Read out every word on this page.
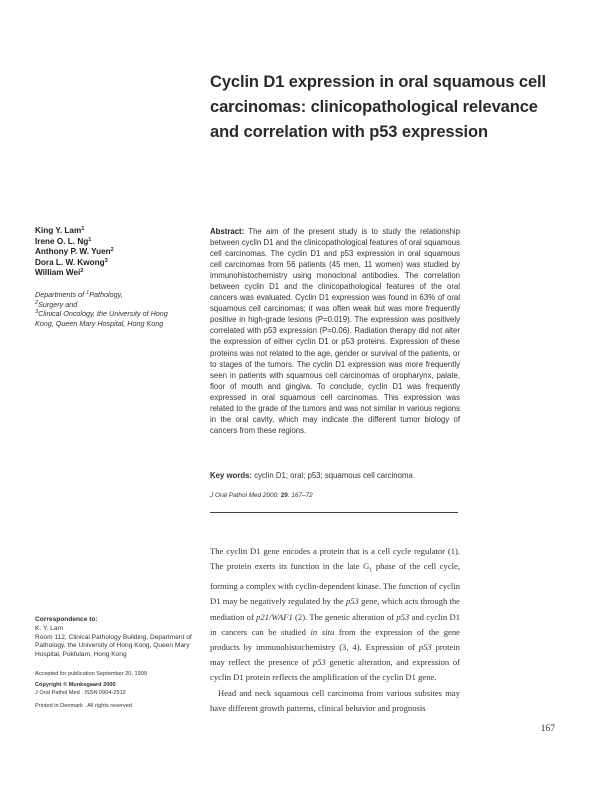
Cyclin D1 expression in oral squamous cell carcinomas: clinicopathological relevance and correlation with p53 expression
King Y. Lam$^1$
Irene O. L. Ng$^1$
Anthony P. W. Yuen$^2$
Dora L. W. Kwong$^3$
William Wei$^2$
Departments of $^1$Pathology,
$^2$Surgery and
$^3$Clinical Oncology, the University of Hong Kong, Queen Mary Hospital, Hong Kong

Abstract: The aim of the present study is to study the relationship between cyclin D1 and the clinicopathological features of oral squamous cell carcinomas. The cyclin D1 and p53 expression in oral squamous cell carcinomas from 56 patients (45 men, 11 women) was studied by immunohistochemistry using monoclonal antibodies. The correlation between cyclin D1 and the clinicopathological features of the oral cancers was evaluated. Cyclin D1 expression was found in 63% of oral squamous cell carcinomas; it was often weak but was more frequently positive in high-grade lesions (P=0.019). The expression was positively correlated with p53 expression (P=0.06). Radiation therapy did not alter the expression of either cyclin D1 or p53 proteins. Expression of these proteins was not related to the age, gender or survival of the patients, or to stages of the tumors. The cyclin D1 expression was more frequently seen in patients with squamous cell carcinomas of oropharynx, palate, floor of mouth and gingiva. To conclude, cyclin D1 was frequently expressed in oral squamous cell carcinomas. This expression was related to the grade of the tumors and was not similar in various regions in the oral cavity, which may indicate the different tumor biology of cancers from these regions.

Key words: cyclin D1; oral; p53; squamous cell carcinoma
J Oral Pathol Med 2000: 29: 167–72

The cyclin D1 gene encodes a protein that is a cell cycle regulator (1). The protein exerts its function in the late $G_1$ phase of the cell cycle, forming a complex with cyclin-dependent kinase. The function of cyclin D1 may be negatively regulated by the p53 gene, which acts through the mediation of p21/WAF1 (2). The genetic alteration of p53 and cyclin D1 in cancers can be studied in situ from the expression of the gene products by immunohistochemistry (3, 4). Expression of p53 protein may reflect the presence of p53 genetic alteration, and expression of cyclin D1 protein reflects the amplification of the cyclin D1 gene.

Head and neck squamous cell carcinoma from various subsites may have different growth patterns, clinical behavior and prognosis

Correspondence to:
K. Y. Lam
Room 112, Clinical Pathology Building, Department of Pathology, the University of Hong Kong, Queen Mary Hospital, Pokfulam, Hong Kong
Accepted for publication September 20, 1999
Copyright © Munksgaard 2000
J Oral Pathol Med . ISSN 0904-2512
Printed in Denmark . All rights reserved
167
